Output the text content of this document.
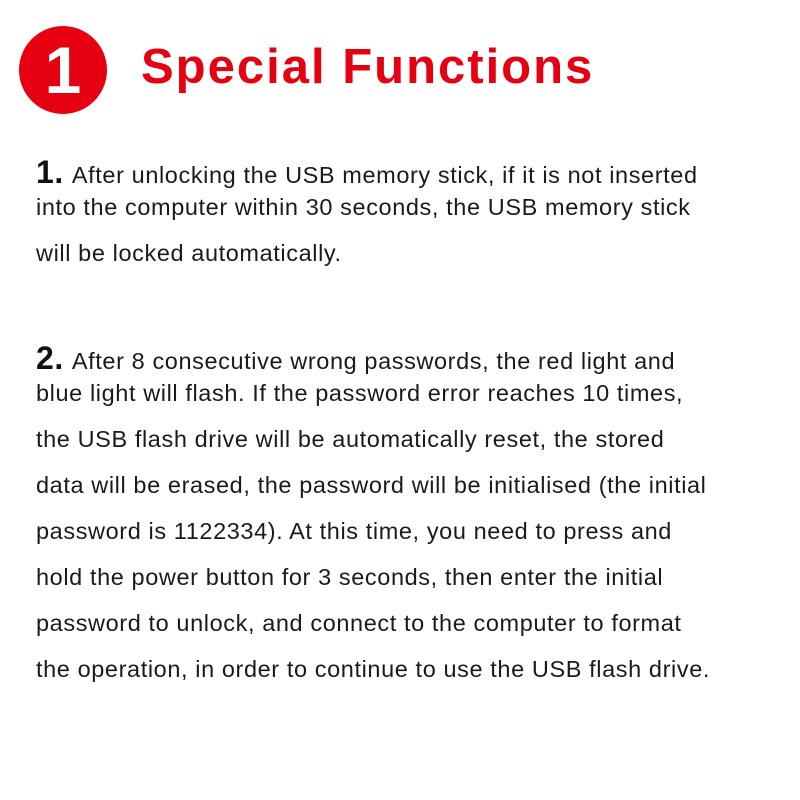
1 Special Functions
1. After unlocking the USB memory stick, if it is not inserted
into the computer within 30 seconds, the USB memory stick
will be locked automatically.
2. After 8 consecutive wrong passwords, the red light and
blue light will flash. If the password error reaches 10 times,
the USB flash drive will be automatically reset, the stored
data will be erased, the password will be initialised (the initial
password is 1122334). At this time, you need to press and
hold the power button for 3 seconds, then enter the initial
password to unlock, and connect to the computer to format
the operation, in order to continue to use the USB flash drive.
